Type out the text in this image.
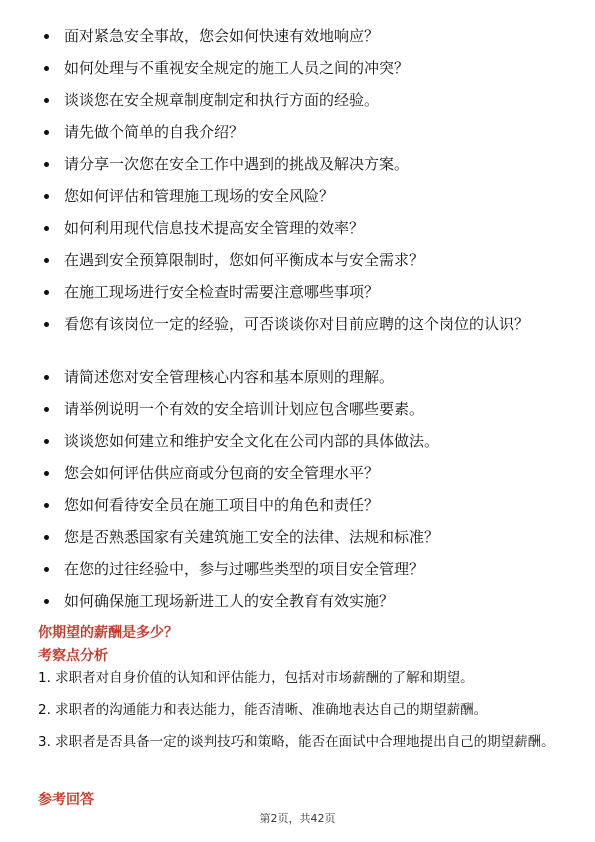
面对紧急安全事故，您会如何快速有效地响应？
如何处理与不重视安全规定的施工人员之间的冲突？
谈谈您在安全规章制度制定和执行方面的经验。
请先做个简单的自我介绍？
请分享一次您在安全工作中遇到的挑战及解决方案。
您如何评估和管理施工现场的安全风险？
如何利用现代信息技术提高安全管理的效率？
在遇到安全预算限制时，您如何平衡成本与安全需求？
在施工现场进行安全检查时需要注意哪些事项？
看您有该岗位一定的经验，可否谈谈你对目前应聘的这个岗位的认识？
请简述您对安全管理核心内容和基本原则的理解。
请举例说明一个有效的安全培训计划应包含哪些要素。
谈谈您如何建立和维护安全文化在公司内部的具体做法。
您会如何评估供应商或分包商的安全管理水平？
您如何看待安全员在施工项目中的角色和责任？
您是否熟悉国家有关建筑施工安全的法律、法规和标准？
在您的过往经验中，参与过哪些类型的项目安全管理？
如何确保施工现场新进工人的安全教育有效实施？
你期望的薪酬是多少？
考察点分析
1. 求职者对自身价值的认知和评估能力，包括对市场薪酬的了解和期望。
2. 求职者的沟通能力和表达能力，能否清晰、准确地表达自己的期望薪酬。
3. 求职者是否具备一定的谈判技巧和策略，能否在面试中合理地提出自己的期望薪酬。
参考回答
第2页，共42页
